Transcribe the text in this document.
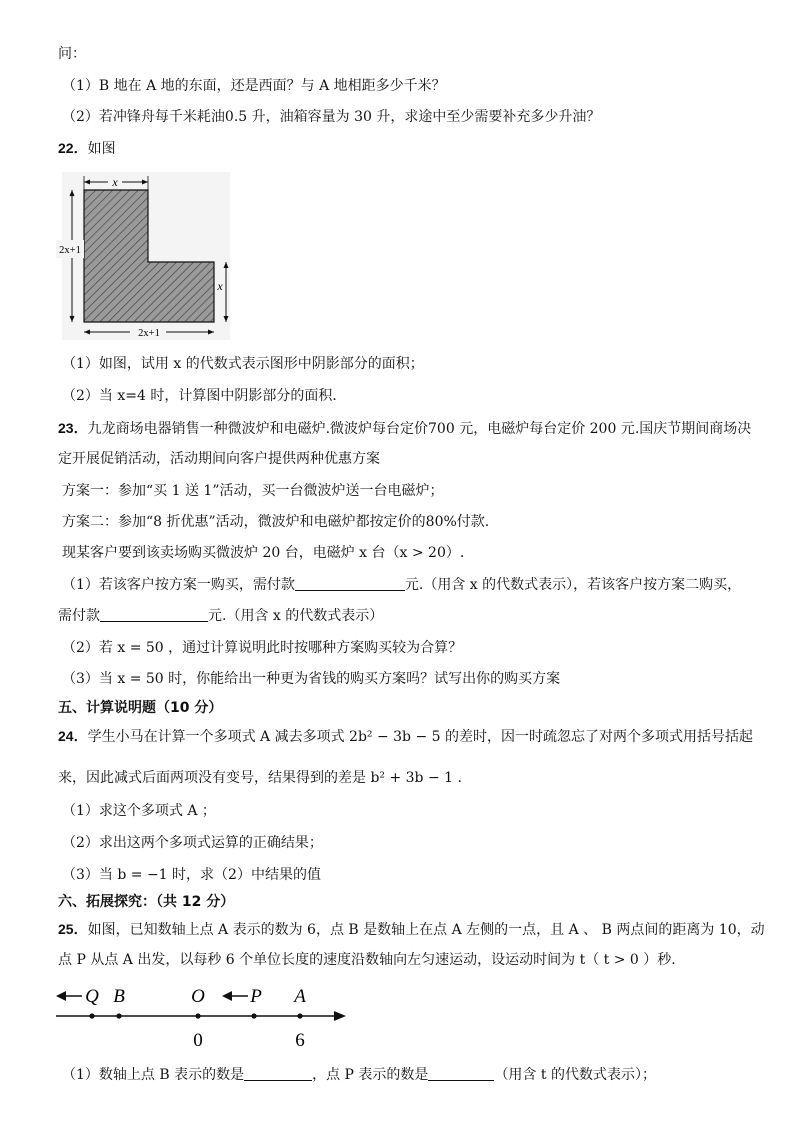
问：
（1）B 地在 A 地的东面，还是西面？与 A 地相距多少千米？
（2）若冲锋舟每千米耗油0.5 升，油箱容量为 30 升，求途中至少需要补充多少升油？
22．如图
x
2x+1
x
2x+1
（1）如图，试用 x 的代数式表示图形中阴影部分的面积；
（2）当 x=4 时，计算图中阴影部分的面积．
23．九龙商场电器销售一种微波炉和电磁炉.微波炉每台定价700 元，电磁炉每台定价 200 元.国庆节期间商场决
定开展促销活动，活动期间向客户提供两种优惠方案
方案一：参加“买 1 送 1”活动，买一台微波炉送一台电磁炉；
方案二：参加“8 折优惠”活动，微波炉和电磁炉都按定价的80%付款.
现某客户要到该卖场购买微波炉 20 台，电磁炉 x 台（x > 20）.
（1）若该客户按方案一购买，需付款	元.（用含 x 的代数式表示），若该客户按方案二购买，
需付款	元.（用含 x 的代数式表示）
（2）若 x = 50 ，通过计算说明此时按哪种方案购买较为合算？
（3）当 x = 50 时，你能给出一种更为省钱的购买方案吗？试写出你的购买方案
五、计算说明题（10 分）
24．学生小马在计算一个多项式 A 减去多项式 2b² − 3b − 5 的差时，因一时疏忽忘了对两个多项式用括号括起
来，因此减式后面两项没有变号，结果得到的差是 b² + 3b − 1 .
（1）求这个多项式 A ；
（2）求出这两个多项式运算的正确结果；
（3）当 b = −1 时，求（2）中结果的值
六、拓展探究：（共 12 分）
25．如图，已知数轴上点 A 表示的数为 6，点 B 是数轴上在点 A 左侧的一点，且 A 、 B 两点间的距离为 10，动
点 P 从点 A 出发，以每秒 6 个单位长度的速度沿数轴向左匀速运动，设运动时间为 t（ t > 0 ）秒.
Q B	O P A
0	6
（1）数轴上点 B 表示的数是	，点 P 表示的数是	（用含 t 的代数式表示）；
